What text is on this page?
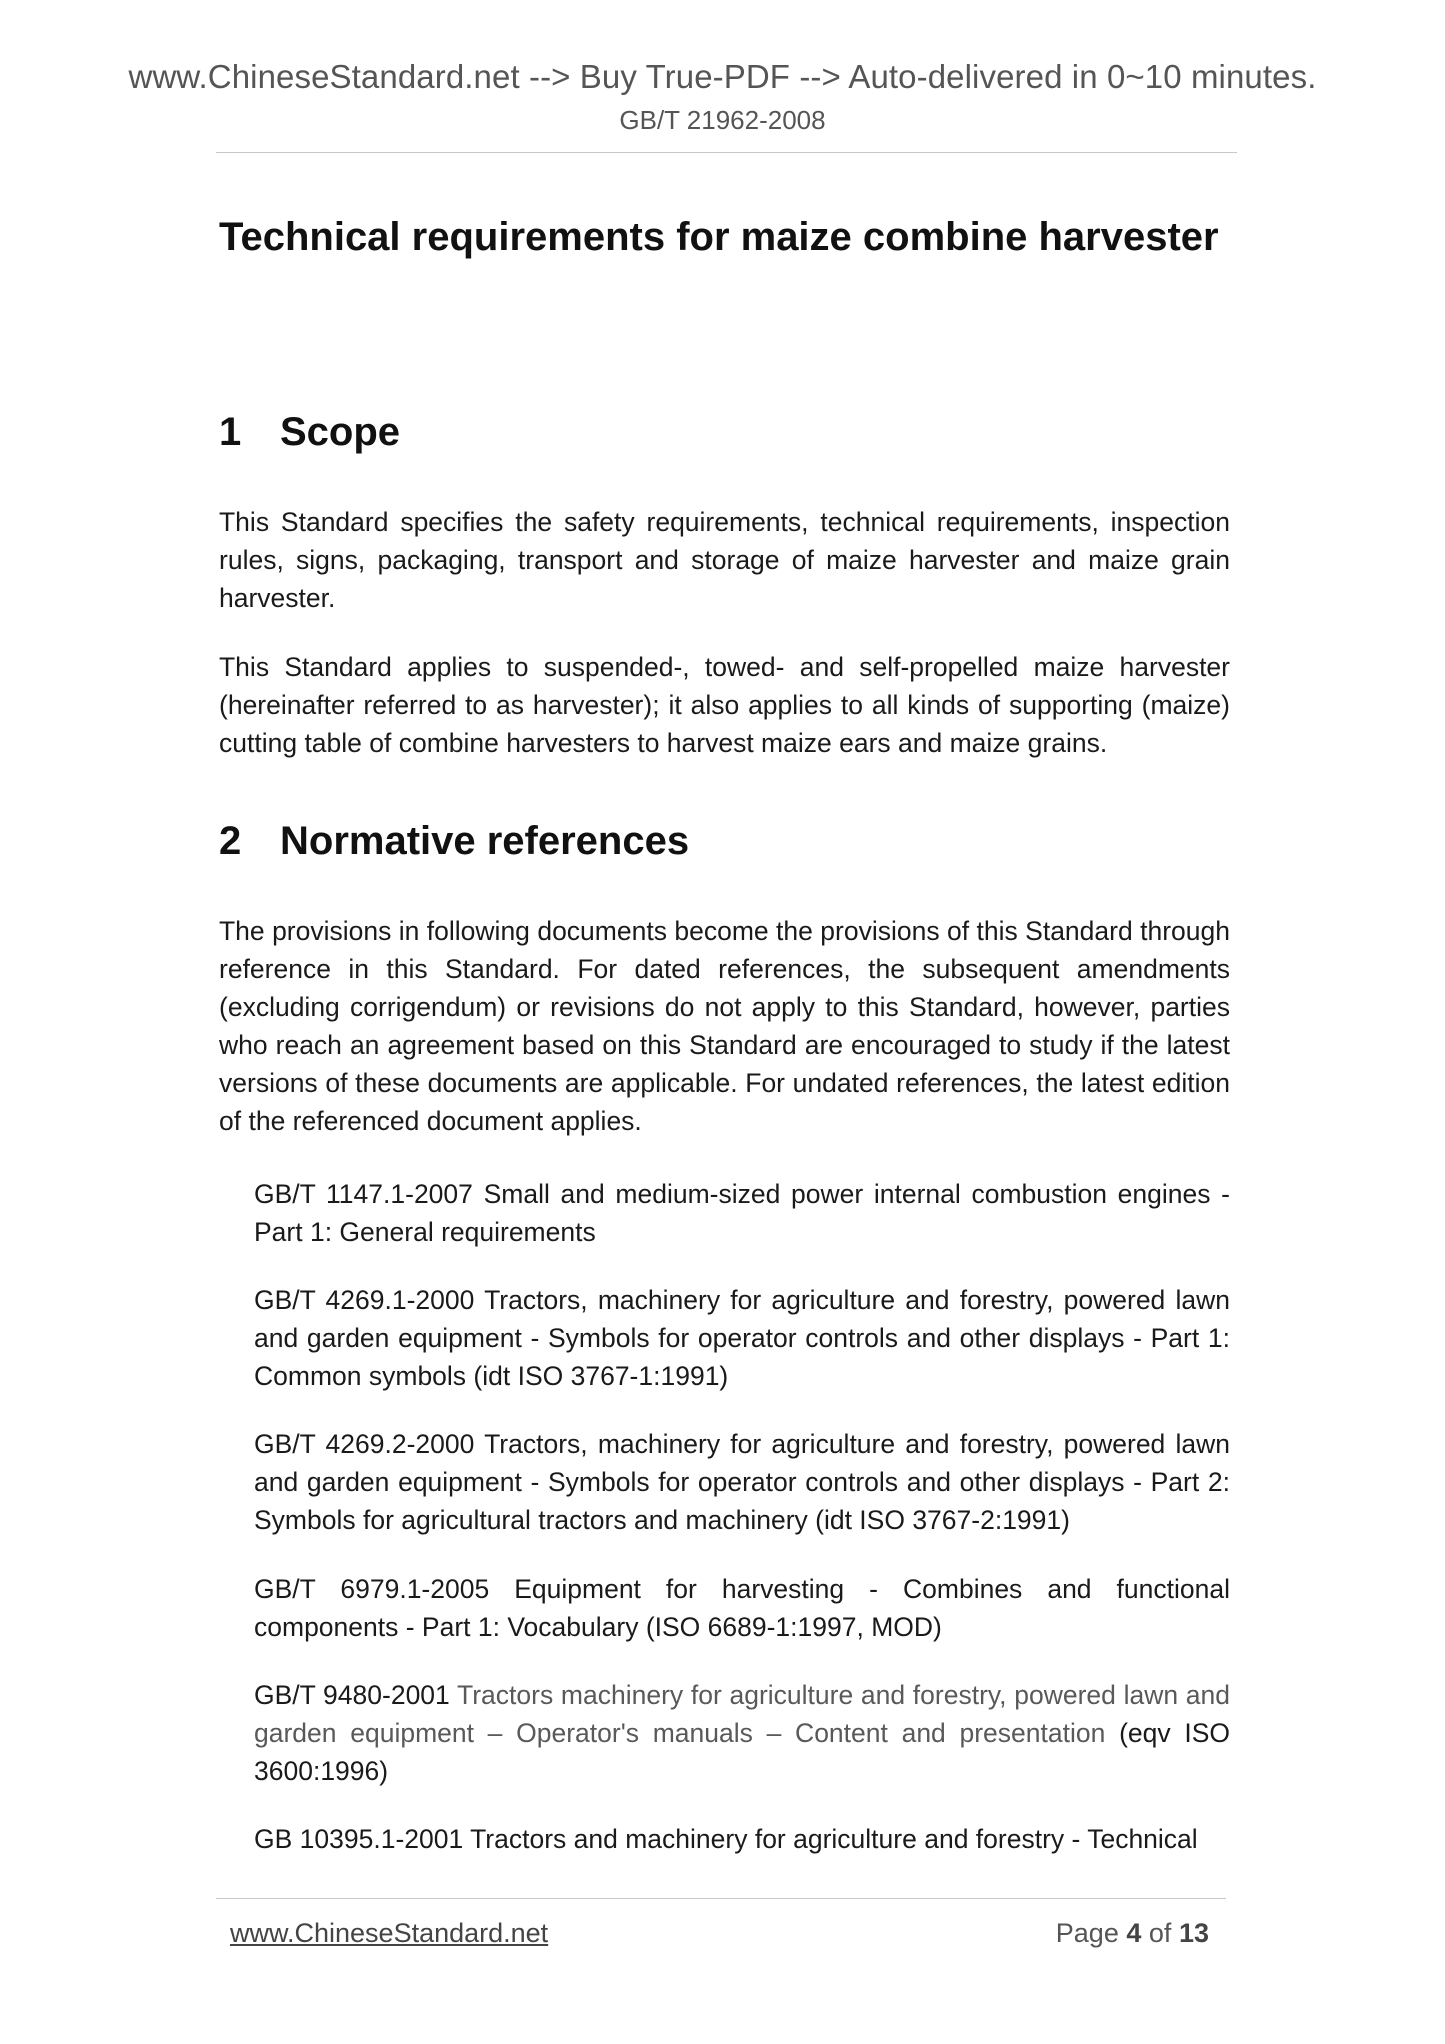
www.ChineseStandard.net --> Buy True-PDF --> Auto-delivered in 0~10 minutes.
GB/T 21962-2008
Technical requirements for maize combine harvester
1 Scope

This Standard specifies the safety requirements, technical requirements, inspection rules, signs, packaging, transport and storage of maize harvester and maize grain harvester.

This Standard applies to suspended-, towed- and self-propelled maize harvester (hereinafter referred to as harvester); it also applies to all kinds of supporting (maize) cutting table of combine harvesters to harvest maize ears and maize grains.

2 Normative references

The provisions in following documents become the provisions of this Standard through reference in this Standard. For dated references, the subsequent amendments (excluding corrigendum) or revisions do not apply to this Standard, however, parties who reach an agreement based on this Standard are encouraged to study if the latest versions of these documents are applicable. For undated references, the latest edition of the referenced document applies.

GB/T 1147.1-2007 Small and medium-sized power internal combustion engines - Part 1: General requirements

GB/T 4269.1-2000 Tractors, machinery for agriculture and forestry, powered lawn and garden equipment - Symbols for operator controls and other displays - Part 1: Common symbols (idt ISO 3767-1:1991)

GB/T 4269.2-2000 Tractors, machinery for agriculture and forestry, powered lawn and garden equipment - Symbols for operator controls and other displays - Part 2: Symbols for agricultural tractors and machinery (idt ISO 3767-2:1991)

GB/T 6979.1-2005 Equipment for harvesting - Combines and functional components - Part 1: Vocabulary (ISO 6689-1:1997, MOD)

GB/T 9480-2001 Tractors machinery for agriculture and forestry, powered lawn and garden equipment – Operator's manuals – Content and presentation (eqv ISO 3600:1996)

GB 10395.1-2001 Tractors and machinery for agriculture and forestry - Technical

www.ChineseStandard.net	Page 4 of 13
